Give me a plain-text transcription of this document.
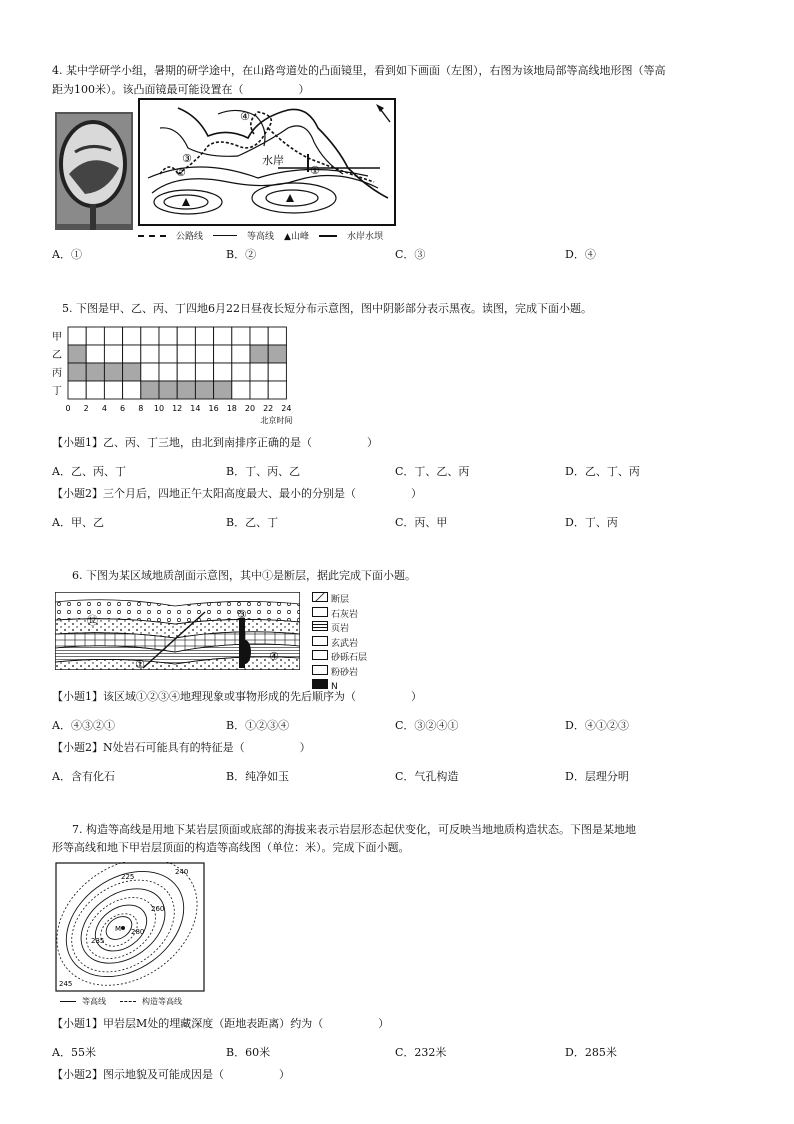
4. 某中学研学小组，暑期的研学途中，在山路弯道处的凸面镜里，看到如下画面（左图），右图为该地局部等高线地形图（等高
距为100米）。该凸面镜最可能设置在（　　　　　）
③
④
②	①
水岸
公路线	等高线 ▲山峰	水岸水坝
A．①	B．②	C．③	D．④
5. 下图是甲、乙、丙、丁四地6月22日昼夜长短分布示意图，图中阴影部分表示黑夜。读图，完成下面小题。
甲
乙
丙
丁
0 2 4 6 8 10 12 14 16 18 20 22 24
北京时间
【小题1】乙、丙、丁三地，由北到南排序正确的是（　　　　　）
A．乙、丙、丁	B．丁、丙、乙	C．丁、乙、丙	D．乙、丁、丙
【小题2】三个月后，四地正午太阳高度最大、最小的分别是（　　　　　）
A．甲、乙	B．乙、丁	C．丙、甲	D．丁、丙
6. 下图为某区域地质剖面示意图，其中①是断层，据此完成下面小题。
⑫	③
④
①
断层
石灰岩
页岩
玄武岩
砂砾石层
粉砂岩
N
【小题1】该区域①②③④地理现象或事物形成的先后顺序为（　　　　　）
A．④③②①	B．①②③④	C．③②④①	D．④①②③
【小题2】N处岩石可能具有的特征是（　　　　　）
A．含有化石	B．纯净如玉	C．气孔构造	D．层理分明
7. 构造等高线是用地下某岩层顶面或底部的海拔来表示岩层形态起伏变化，可反映当地地质构造状态。下图是某地地
形等高线和地下甲岩层顶面的构造等高线图（单位：米）。完成下面小题。
M
225
240
260
280
235
245
等高线	构造等高线
【小题1】甲岩层M处的埋藏深度（距地表距离）约为（　　　　　）
A．55米	B．60米	C．232米	D．285米
【小题2】图示地貌及可能成因是（　　　　　）
